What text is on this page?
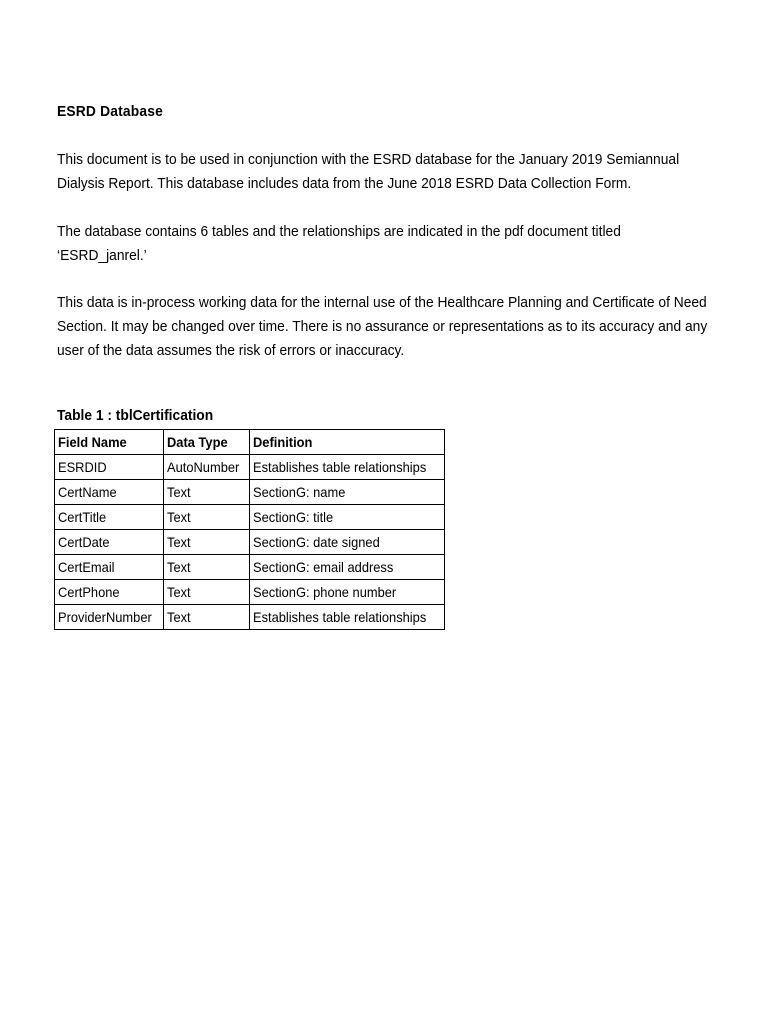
ESRD Database

This document is to be used in conjunction with the ESRD database for the January 2019 Semiannual Dialysis Report. This database includes data from the June 2018 ESRD Data Collection Form.

The database contains 6 tables and the relationships are indicated in the pdf document titled ‘ESRD_janrel.’

This data is in-process working data for the internal use of the Healthcare Planning and Certificate of Need Section. It may be changed over time. There is no assurance or representations as to its accuracy and any user of the data assumes the risk of errors or inaccuracy.

Table 1 : tblCertification
Field Name	Data Type	Definition
ESRDID	AutoNumber	Establishes table relationships
CertName	Text	SectionG: name
CertTitle	Text	SectionG: title
CertDate	Text	SectionG: date signed
CertEmail	Text	SectionG: email address
CertPhone	Text	SectionG: phone number
ProviderNumber	Text	Establishes table relationships
